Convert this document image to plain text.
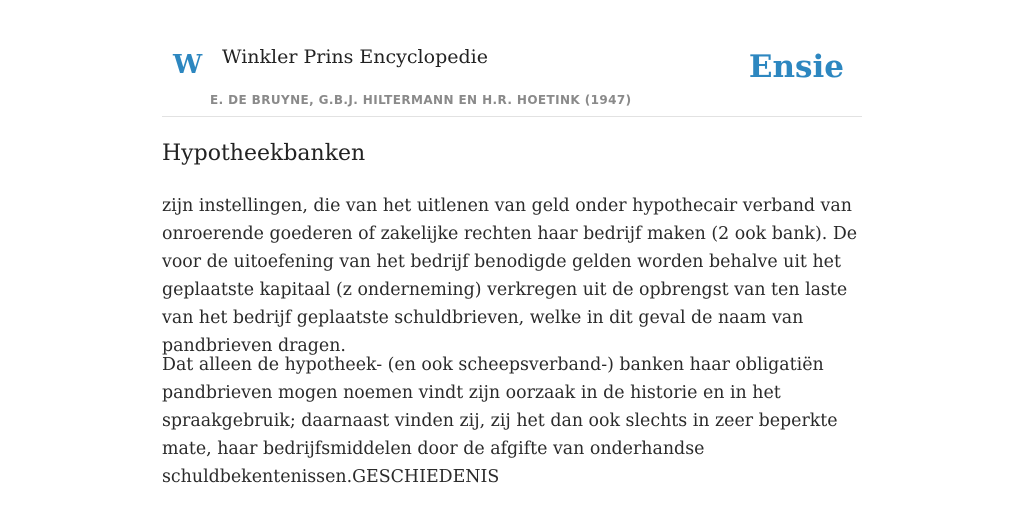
W Winkler Prins Encyclopedie	Ensie
E. DE BRUYNE, G.B.J. HILTERMANN EN H.R. HOETINK (1947)
Hypotheekbanken

zijn instellingen, die van het uitlenen van geld onder hypothecair verband van onroerende goederen of zakelijke rechten haar bedrijf maken (2 ook bank). De voor de uitoefening van het bedrijf benodigde gelden worden behalve uit het geplaatste kapitaal (z onderneming) verkregen uit de opbrengst van ten laste van het bedrijf geplaatste schuldbrieven, welke in dit geval de naam van pandbrieven dragen.

Dat alleen de hypotheek- (en ook scheepsverband-) banken haar obligatiën pandbrieven mogen noemen vindt zijn oorzaak in de historie en in het spraakgebruik; daarnaast vinden zij, zij het dan ook slechts in zeer beperkte mate, haar bedrijfsmiddelen door de afgifte van onderhandse schuldbekentenissen.GESCHIEDENIS
